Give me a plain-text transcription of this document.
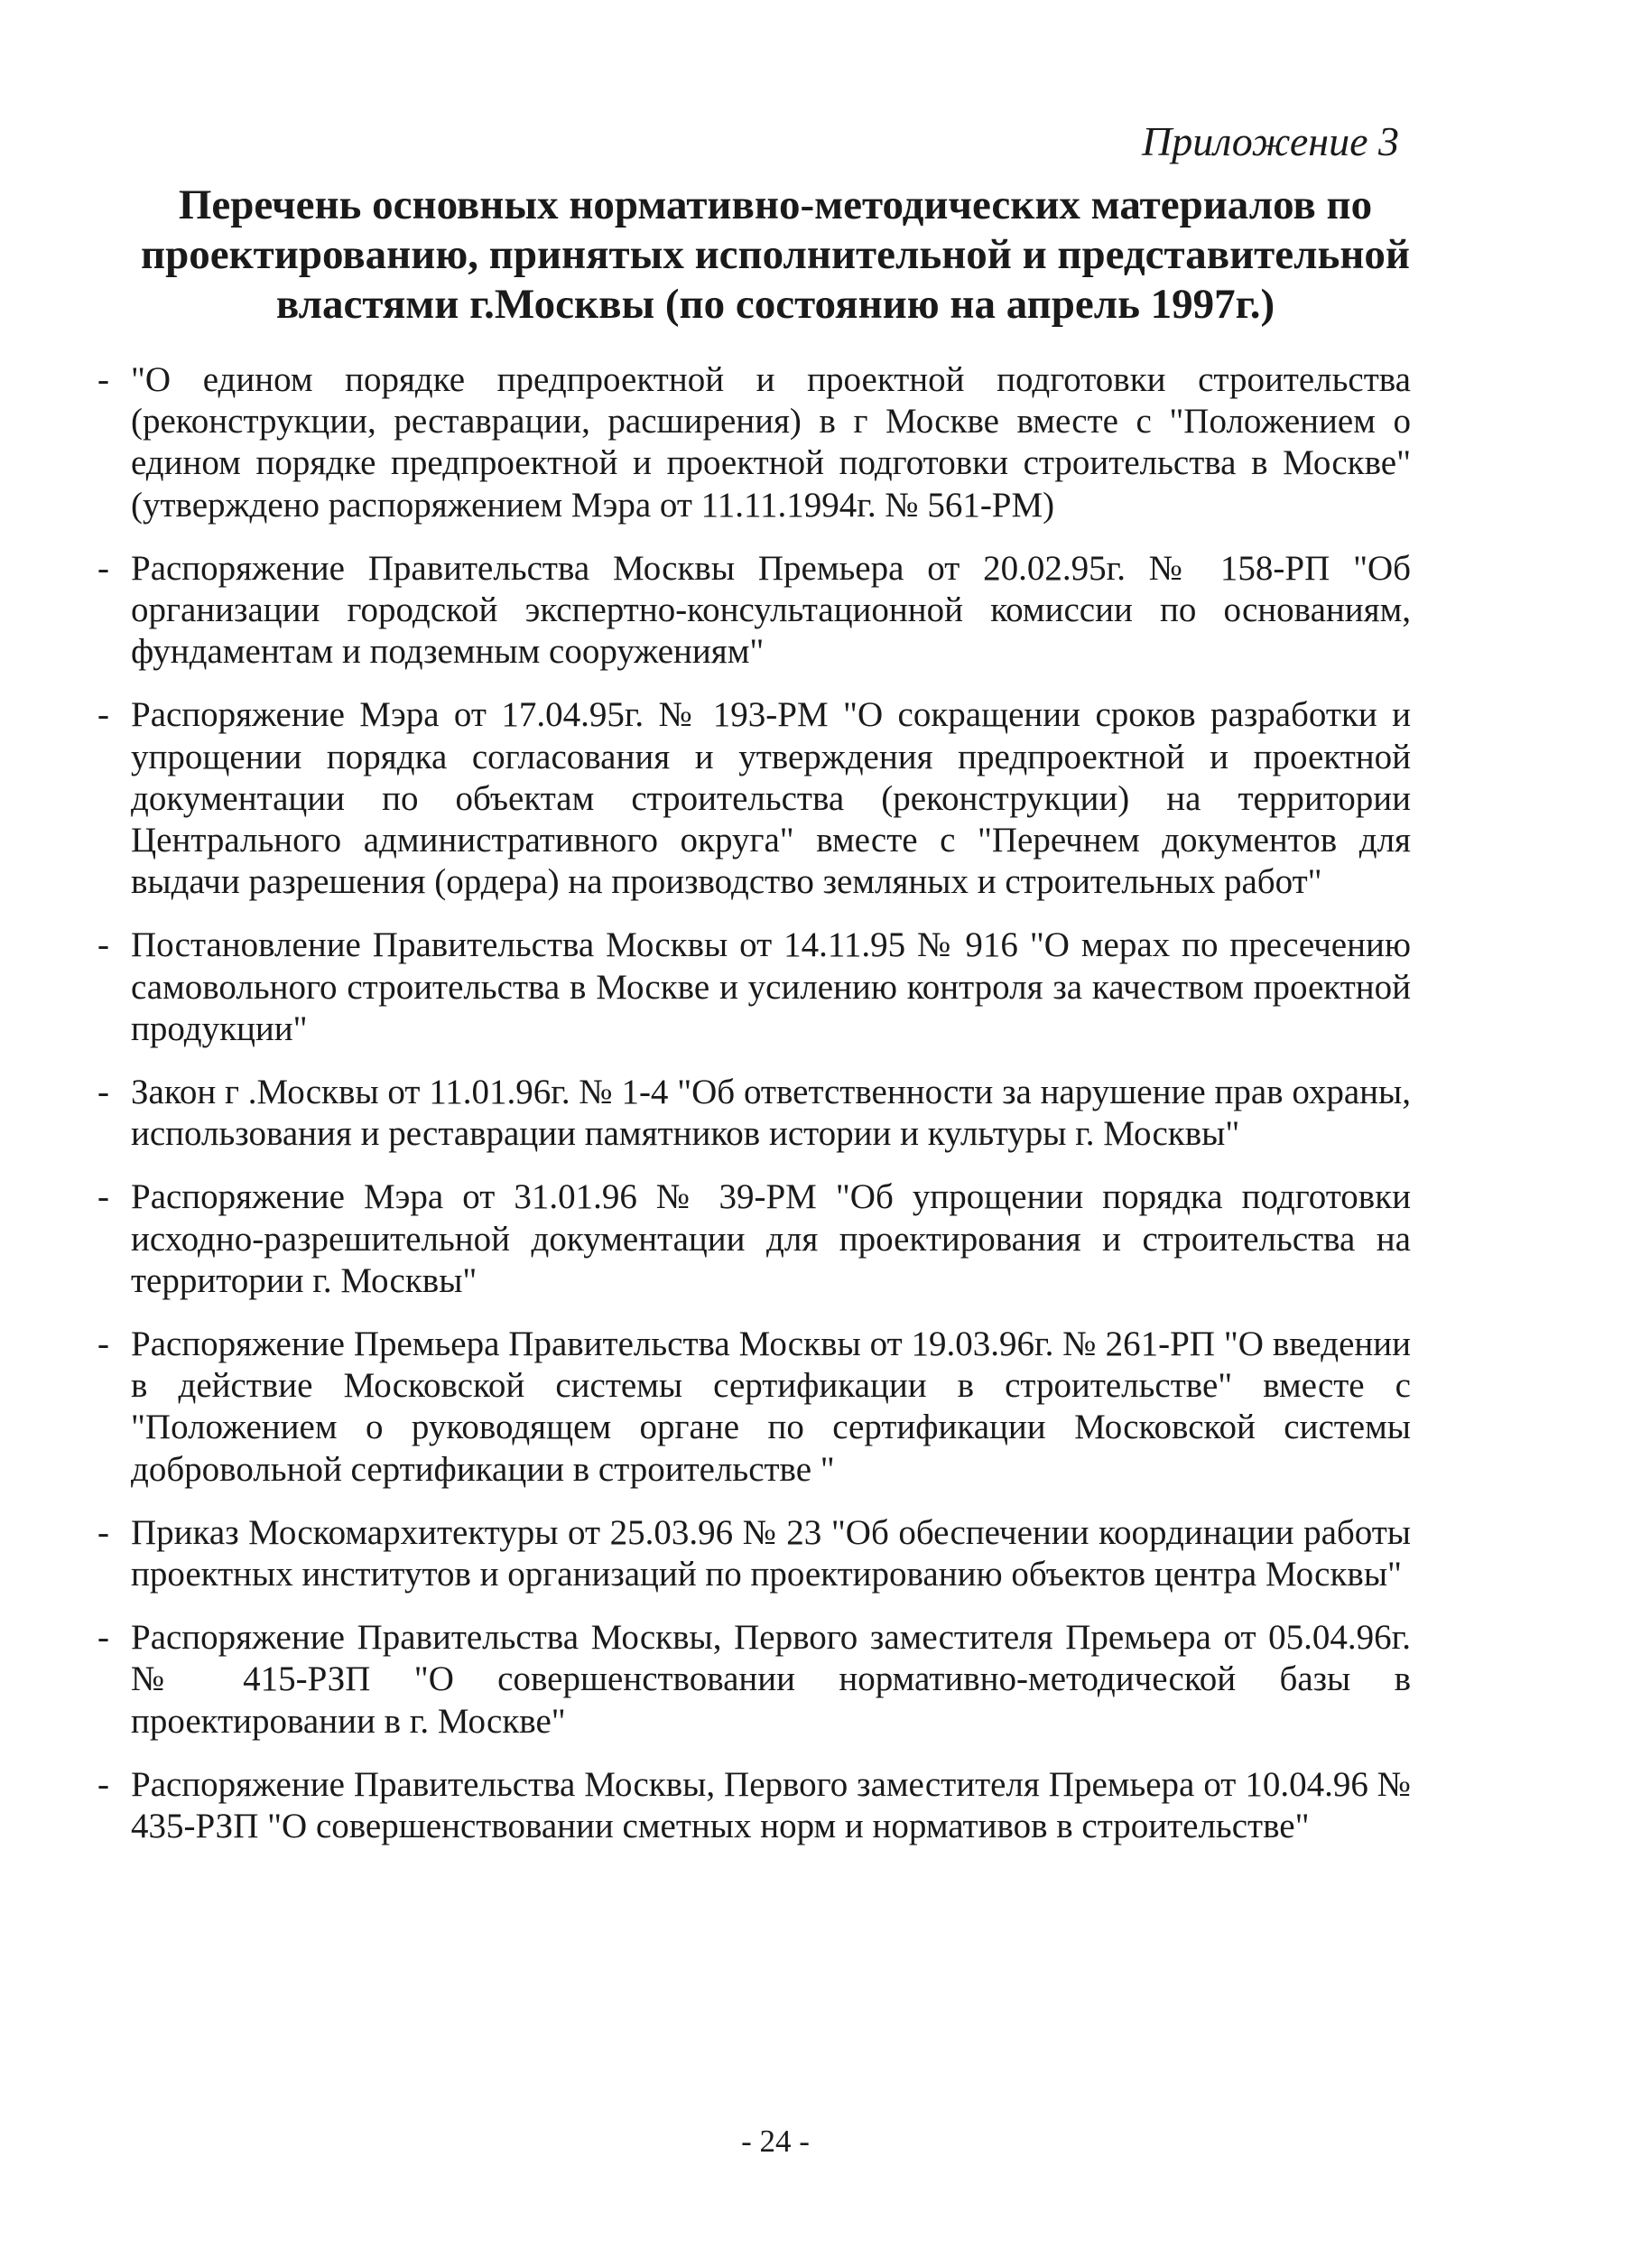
Приложение 3
Перечень основных нормативно-методических материалов по проектированию, принятых исполнительной и представительной властями г.Москвы (по состоянию на апрель 1997г.)
- "О едином порядке предпроектной и проектной подготовки строительства (реконструкции, реставрации, расширения) в г Москве вместе с "Положением о едином порядке предпроектной и проектной подготовки строительства в Москве" (утверждено распоряжением Мэра от 11.11.1994г. № 561-РМ)
- Распоряжение Правительства Москвы Премьера от 20.02.95г. № 158-РП "Об организации городской экспертно-консультационной комиссии по основаниям, фундаментам и подземным сооружениям"
- Распоряжение Мэра от 17.04.95г. № 193-РМ "О сокращении сроков разработки и упрощении порядка согласования и утверждения предпроектной и проектной документации по объектам строительства (реконструкции) на территории Центрального административного округа" вместе с "Перечнем документов для выдачи разрешения (ордера) на производство земляных и строительных работ"
- Постановление Правительства Москвы от 14.11.95 № 916 "О мерах по пресечению самовольного строительства в Москве и усилению контроля за качеством проектной продукции"
- Закон г .Москвы от 11.01.96г. № 1-4 "Об ответственности за нарушение прав охраны, использования и реставрации памятников истории и культуры г. Москвы"
- Распоряжение Мэра от 31.01.96 № 39-РМ "Об упрощении порядка подготовки исходно-разрешительной документации для проектирования и строительства на территории г. Москвы"
- Распоряжение Премьера Правительства Москвы от 19.03.96г. № 261-РП "О введении в действие Московской системы сертификации в строительстве" вместе с "Положением о руководящем органе по сертификации Московской системы добровольной сертификации в строительстве "
- Приказ Москомархитектуры от 25.03.96 № 23 "Об обеспечении координации работы проектных институтов и организаций по проектированию объектов центра Москвы"
- Распоряжение Правительства Москвы, Первого заместителя Премьера от 05.04.96г. № 415-РЗП "О совершенствовании нормативно-методической базы в проектировании в г. Москве"
- Распоряжение Правительства Москвы, Первого заместителя Премьера от 10.04.96 № 435-РЗП "О совершенствовании сметных норм и нормативов в строительстве"
- 24 -
